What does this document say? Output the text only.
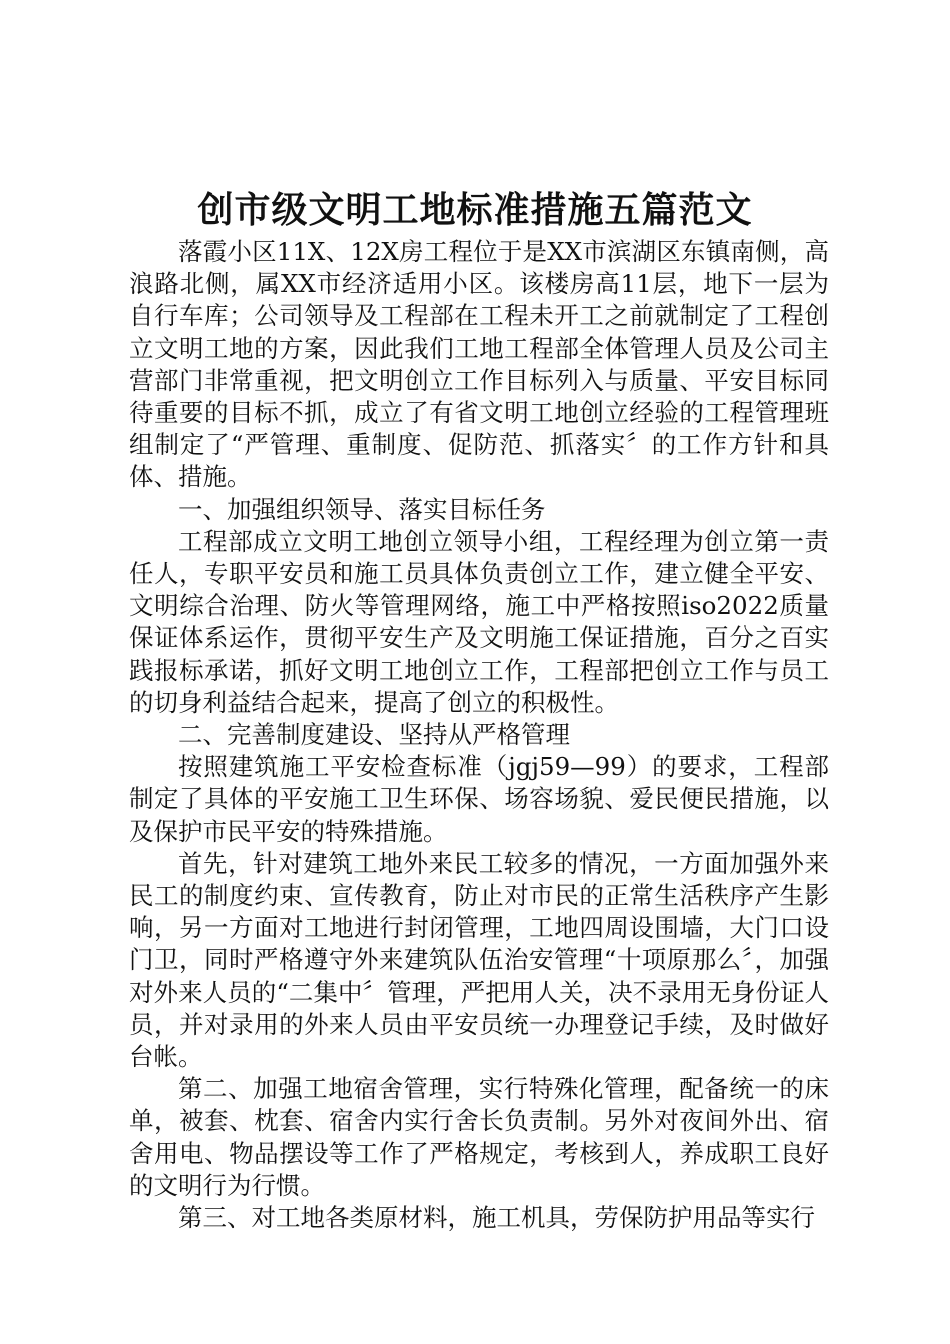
创市级文明工地标准措施五篇范文

落霞小区11X、12X房工程位于是XX市滨湖区东镇南侧，高浪路北侧，属XX市经济适用小区。该楼房高11层，地下一层为自行车库；公司领导及工程部在工程未开工之前就制定了工程创立文明工地的方案，因此我们工地工程部全体管理人员及公司主营部门非常重视，把文明创立工作目标列入与质量、平安目标同待重要的目标不抓，成立了有省文明工地创立经验的工程管理班组制定了“严管理、重制度、促防范、抓落实〞的工作方针和具体、措施。

一、加强组织领导、落实目标任务

工程部成立文明工地创立领导小组，工程经理为创立第一责任人，专职平安员和施工员具体负责创立工作，建立健全平安、文明综合治理、防火等管理网络，施工中严格按照iso2022质量保证体系运作，贯彻平安生产及文明施工保证措施，百分之百实践报标承诺，抓好文明工地创立工作，工程部把创立工作与员工的切身利益结合起来，提高了创立的积极性。

二、完善制度建设、坚持从严格管理

按照建筑施工平安检查标准（jgj59—99）的要求，工程部制定了具体的平安施工卫生环保、场容场貌、爱民便民措施，以及保护市民平安的特殊措施。

首先，针对建筑工地外来民工较多的情况，一方面加强外来民工的制度约束、宣传教育，防止对市民的正常生活秩序产生影响，另一方面对工地进行封闭管理，工地四周设围墙，大门口设门卫，同时严格遵守外来建筑队伍治安管理“十项原那么〞，加强对外来人员的“二集中〞管理，严把用人关，决不录用无身份证人员，并对录用的外来人员由平安员统一办理登记手续，及时做好台帐。

第二、加强工地宿舍管理，实行特殊化管理，配备统一的床单，被套、枕套、宿舍内实行舍长负责制。另外对夜间外出、宿舍用电、物品摆设等工作了严格规定，考核到人，养成职工良好的文明行为行惯。

第三、对工地各类原材料，施工机具，劳保防护用品等实行
